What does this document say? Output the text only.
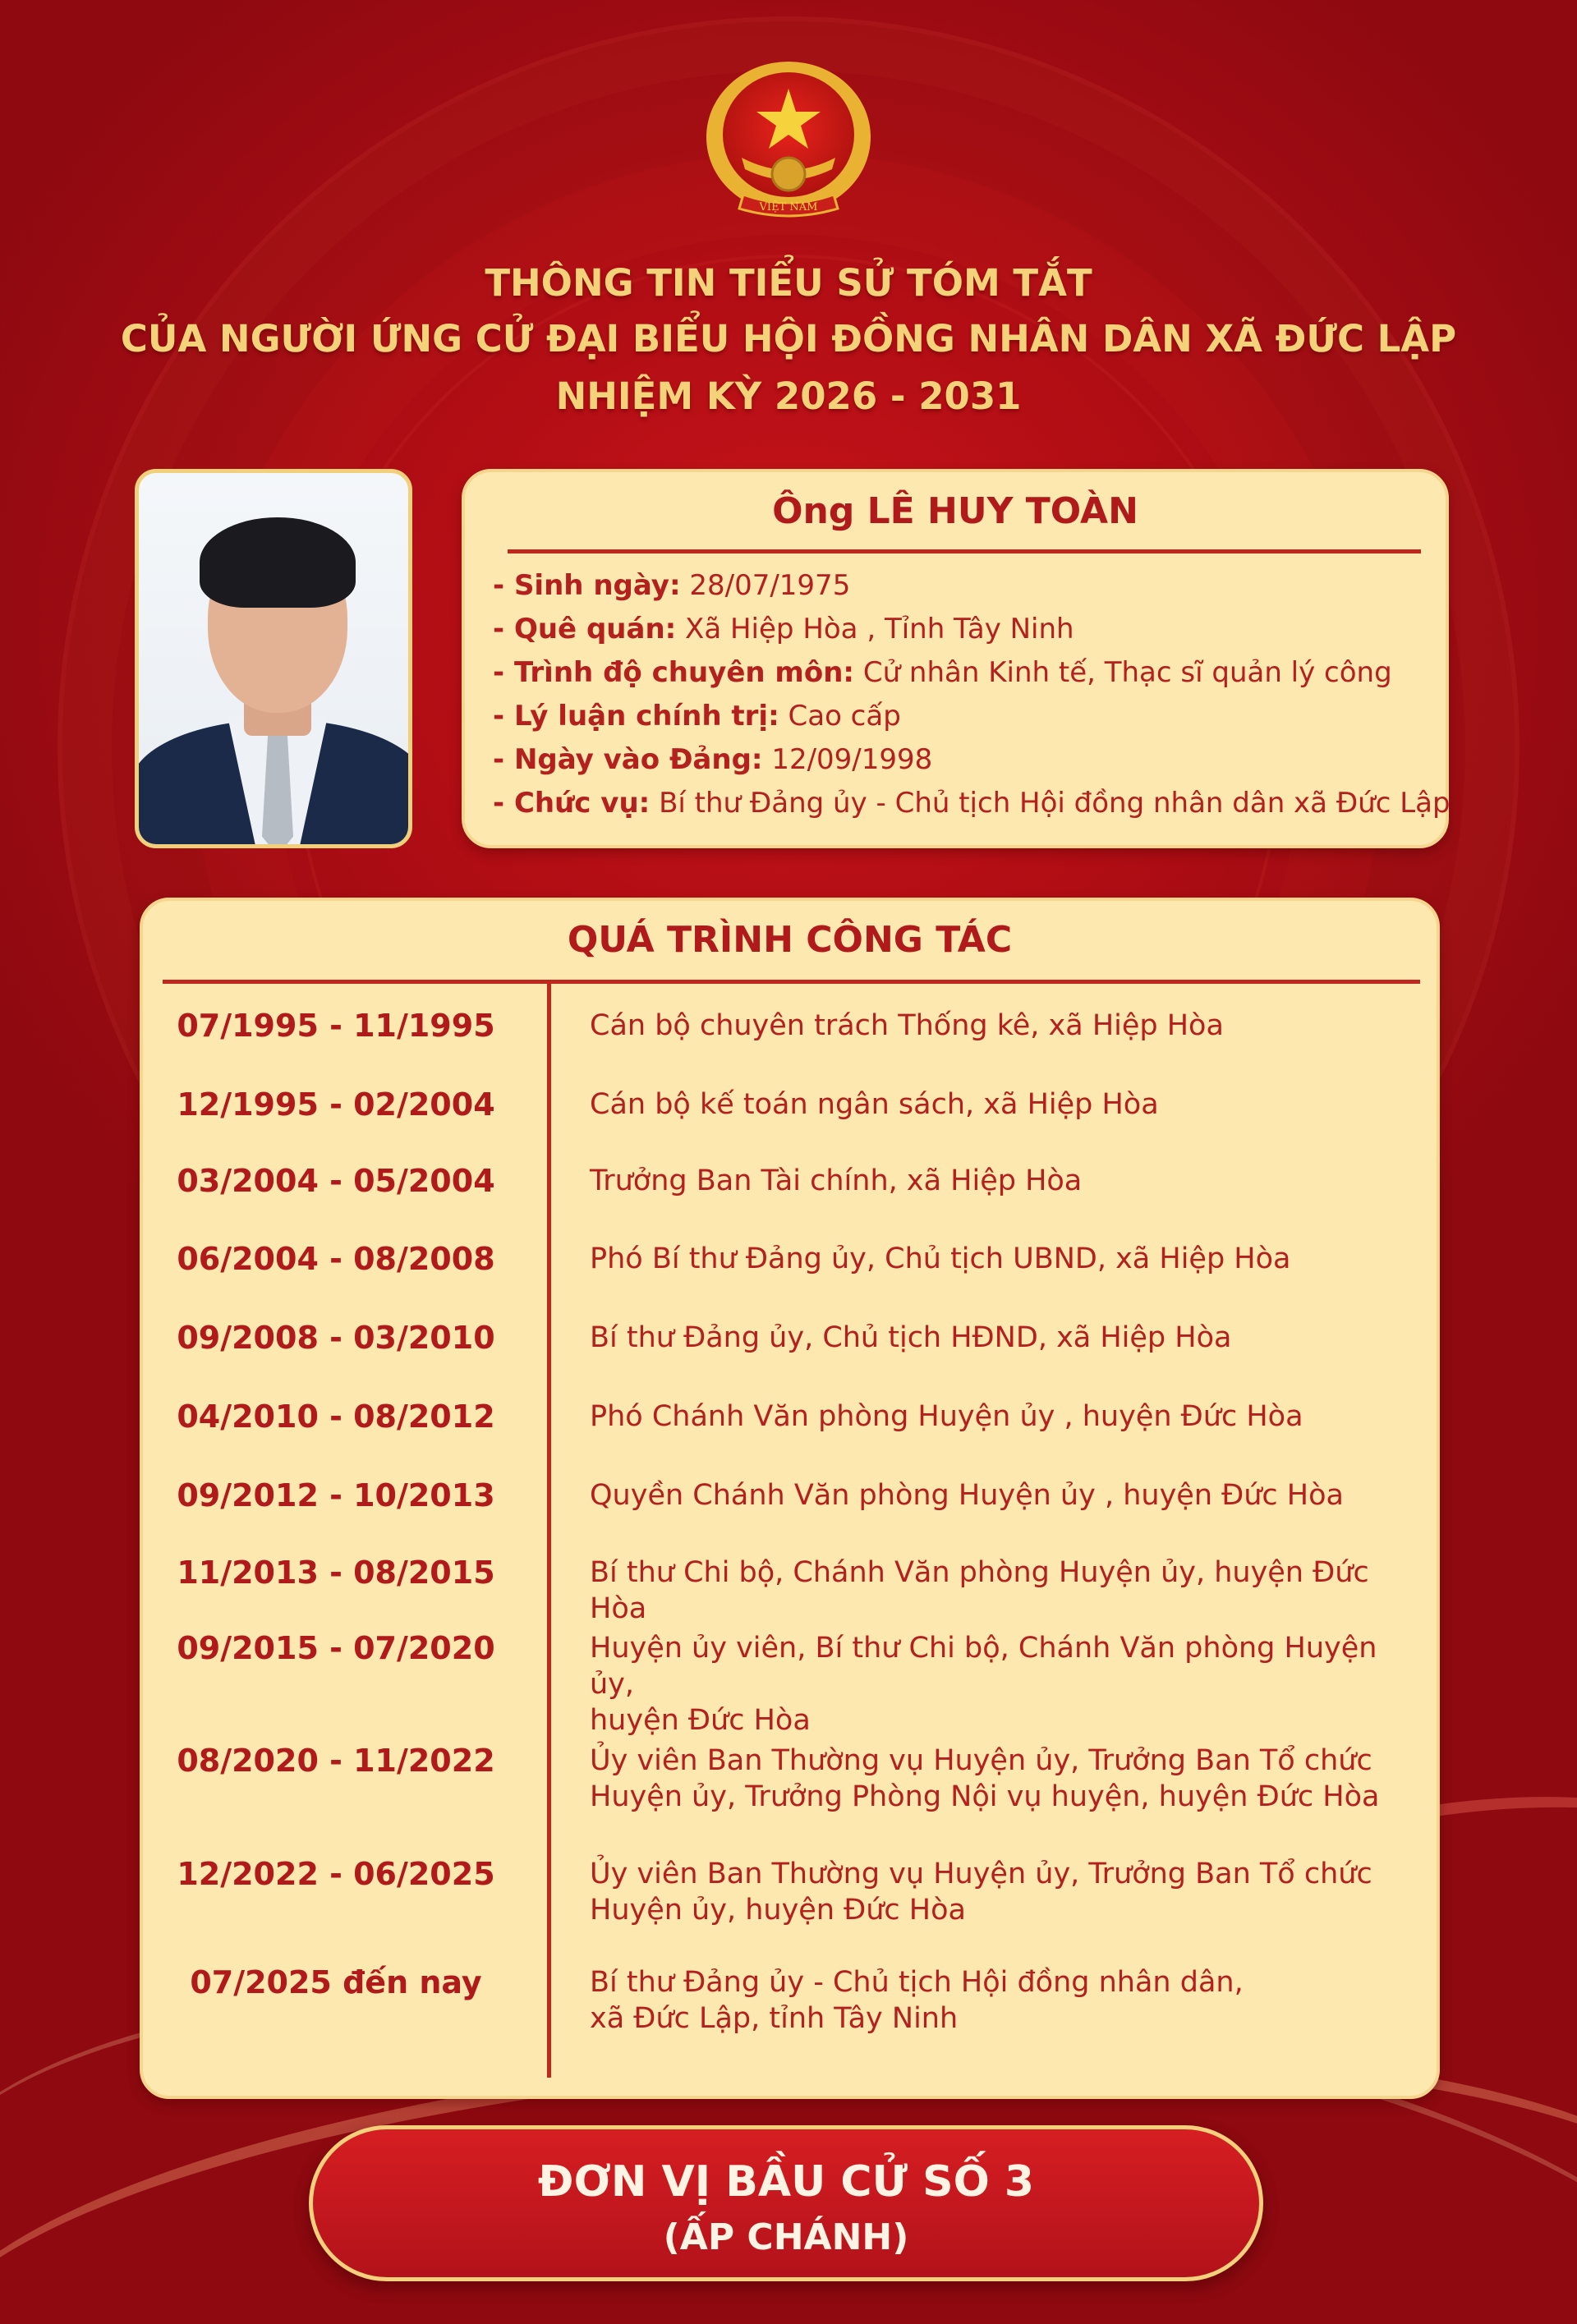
VIỆT NAM
THÔNG TIN TIỂU SỬ TÓM TẮT
CỦA NGƯỜI ỨNG CỬ ĐẠI BIỂU HỘI ĐỒNG NHÂN DÂN XÃ ĐỨC LẬP
NHIỆM KỲ 2026 - 2031
Ông LÊ HUY TOÀN
- Sinh ngày: 28/07/1975
- Quê quán: Xã Hiệp Hòa , Tỉnh Tây Ninh
- Trình độ chuyên môn: Cử nhân Kinh tế, Thạc sĩ quản lý công
- Lý luận chính trị: Cao cấp
- Ngày vào Đảng: 12/09/1998
- Chức vụ: Bí thư Đảng ủy - Chủ tịch Hội đồng nhân dân xã Đức Lập
QUÁ TRÌNH CÔNG TÁC
07/1995 - 11/1995	Cán bộ chuyên trách Thống kê, xã Hiệp Hòa
12/1995 - 02/2004	Cán bộ kế toán ngân sách, xã Hiệp Hòa
03/2004 - 05/2004	Trưởng Ban Tài chính, xã Hiệp Hòa
06/2004 - 08/2008	Phó Bí thư Đảng ủy, Chủ tịch UBND, xã Hiệp Hòa
09/2008 - 03/2010	Bí thư Đảng ủy, Chủ tịch HĐND, xã Hiệp Hòa
04/2010 - 08/2012	Phó Chánh Văn phòng Huyện ủy , huyện Đức Hòa
09/2012 - 10/2013	Quyền Chánh Văn phòng Huyện ủy , huyện Đức Hòa
11/2013 - 08/2015	Bí thư Chi bộ, Chánh Văn phòng Huyện ủy, huyện Đức Hòa
09/2015 - 07/2020	Huyện ủy viên, Bí thư Chi bộ, Chánh Văn phòng Huyện ủy,
huyện Đức Hòa
08/2020 - 11/2022	Ủy viên Ban Thường vụ Huyện ủy, Trưởng Ban Tổ chức
Huyện ủy, Trưởng Phòng Nội vụ huyện, huyện Đức Hòa
12/2022 - 06/2025	Ủy viên Ban Thường vụ Huyện ủy, Trưởng Ban Tổ chức
Huyện ủy, huyện Đức Hòa
07/2025 đến nay	Bí thư Đảng ủy - Chủ tịch Hội đồng nhân dân,
xã Đức Lập, tỉnh Tây Ninh
ĐƠN VỊ BẦU CỬ SỐ 3
(ẤP CHÁNH)
